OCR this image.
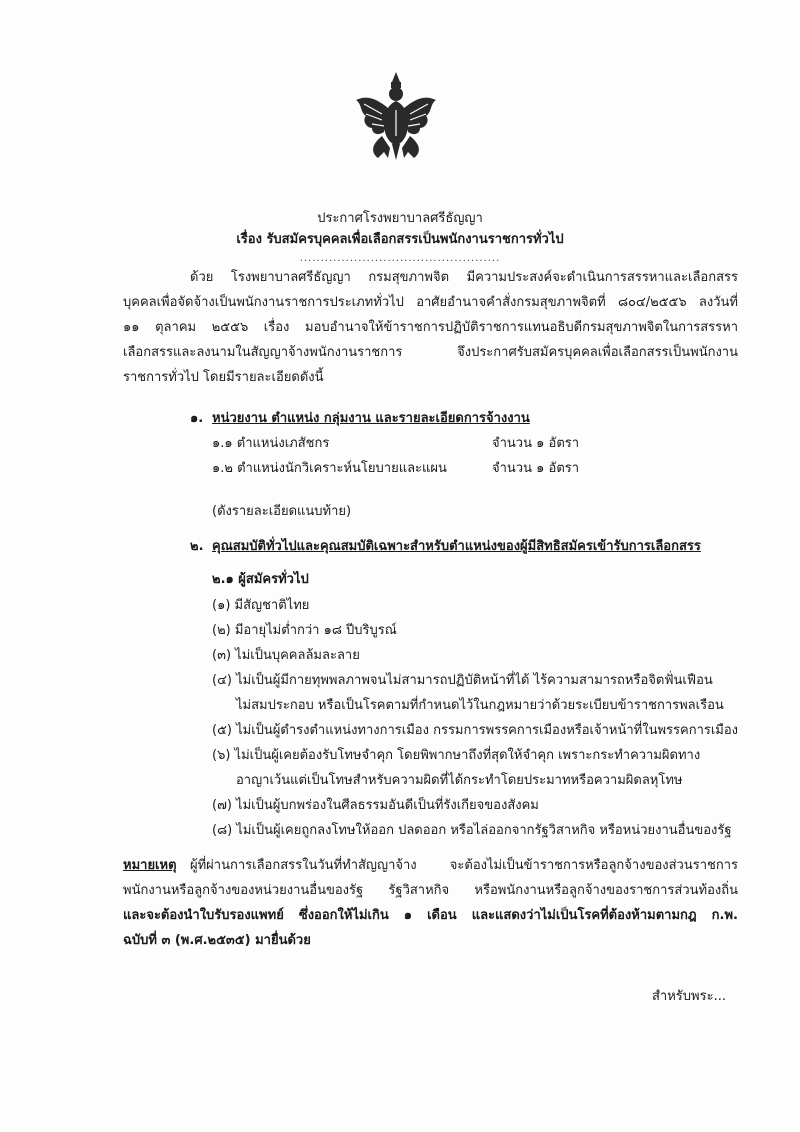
ประกาศโรงพยาบาลศรีธัญญา
เรื่อง รับสมัครบุคคลเพื่อเลือกสรรเป็นพนักงานราชการทั่วไป
................................................
ด้วย โรงพยาบาลศรีธัญญา กรมสุขภาพจิต มีความประสงค์จะดำเนินการสรรหาและเลือกสรร
บุคคลเพื่อจัดจ้างเป็นพนักงานราชการประเภททั่วไป อาศัยอำนาจคำสั่งกรมสุขภาพจิตที่ ๘๐๔/๒๕๕๖ ลงวันที่
๑๑ ตุลาคม ๒๕๕๖ เรื่อง มอบอำนาจให้ข้าราชการปฏิบัติราชการแทนอธิบดีกรมสุขภาพจิตในการสรรหา
เลือกสรรและลงนามในสัญญาจ้างพนักงานราชการ จึงประกาศรับสมัครบุคคลเพื่อเลือกสรรเป็นพนักงาน
ราชการทั่วไป โดยมีรายละเอียดดังนี้
๑. หน่วยงาน ตำแหน่ง กลุ่มงาน และรายละเอียดการจ้างงาน
๑.๑ ตำแหน่งเภสัชกร	จำนวน ๑ อัตรา
๑.๒ ตำแหน่งนักวิเคราะห์นโยบายและแผน	จำนวน ๑ อัตรา
(ดังรายละเอียดแนบท้าย)
๒. คุณสมบัติทั่วไปและคุณสมบัติเฉพาะสำหรับตำแหน่งของผู้มีสิทธิสมัครเข้ารับการเลือกสรร
๒.๑ ผู้สมัครทั่วไป
(๑) มีสัญชาติไทย
(๒) มีอายุไม่ต่ำกว่า ๑๘ ปีบริบูรณ์
(๓) ไม่เป็นบุคคลล้มละลาย
(๔) ไม่เป็นผู้มีกายทุพพลภาพจนไม่สามารถปฏิบัติหน้าที่ได้ ไร้ความสามารถหรือจิตฟั่นเฟือน
ไม่สมประกอบ หรือเป็นโรคตามที่กำหนดไว้ในกฎหมายว่าด้วยระเบียบข้าราชการพลเรือน
(๕) ไม่เป็นผู้ดำรงตำแหน่งทางการเมือง กรรมการพรรคการเมืองหรือเจ้าหน้าที่ในพรรคการเมือง
(๖) ไม่เป็นผู้เคยต้องรับโทษจำคุก โดยพิพากษาถึงที่สุดให้จำคุก เพราะกระทำความผิดทาง
อาญาเว้นแต่เป็นโทษสำหรับความผิดที่ได้กระทำโดยประมาทหรือความผิดลหุโทษ
(๗) ไม่เป็นผู้บกพร่องในศีลธรรมอันดีเป็นที่รังเกียจของสังคม
(๘) ไม่เป็นผู้เคยถูกลงโทษให้ออก ปลดออก หรือไล่ออกจากรัฐวิสาหกิจ หรือหน่วยงานอื่นของรัฐ
หมายเหตุ ผู้ที่ผ่านการเลือกสรรในวันที่ทำสัญญาจ้าง จะต้องไม่เป็นข้าราชการหรือลูกจ้างของส่วนราชการ
พนักงานหรือลูกจ้างของหน่วยงานอื่นของรัฐ รัฐวิสาหกิจ หรือพนักงานหรือลูกจ้างของราชการส่วนท้องถิ่น
และจะต้องนำใบรับรองแพทย์ ซึ่งออกให้ไม่เกิน ๑ เดือน และแสดงว่าไม่เป็นโรคที่ต้องห้ามตามกฎ ก.พ.
ฉบับที่ ๓ (พ.ศ.๒๕๓๕) มายื่นด้วย
สำหรับพระ...
